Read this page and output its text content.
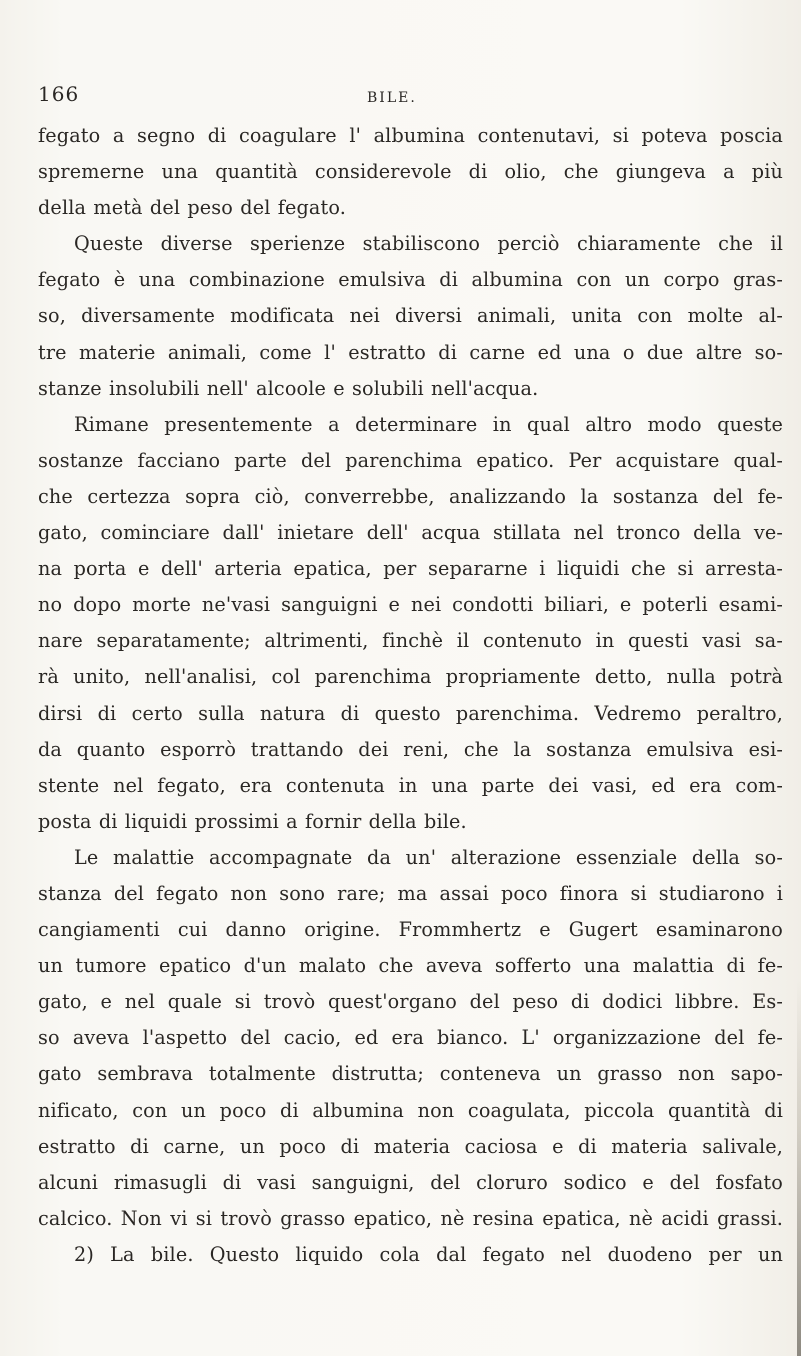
166	BILE.
fegato a segno di coagulare l' albumina contenutavi, si poteva poscia
spremerne una quantità considerevole di olio, che giungeva a più
della metà del peso del fegato.
Queste diverse sperienze stabiliscono perciò chiaramente che il
fegato è una combinazione emulsiva di albumina con un corpo gras-
so, diversamente modificata nei diversi animali, unita con molte al-
tre materie animali, come l' estratto di carne ed una o due altre so-
stanze insolubili nell' alcoole e solubili nell'acqua.
Rimane presentemente a determinare in qual altro modo queste
sostanze facciano parte del parenchima epatico. Per acquistare qual-
che certezza sopra ciò, converrebbe, analizzando la sostanza del fe-
gato, cominciare dall' inietare dell' acqua stillata nel tronco della ve-
na porta e dell' arteria epatica, per separarne i liquidi che si arresta-
no dopo morte ne'vasi sanguigni e nei condotti biliari, e poterli esami-
nare separatamente; altrimenti, finchè il contenuto in questi vasi sa-
rà unito, nell'analisi, col parenchima propriamente detto, nulla potrà
dirsi di certo sulla natura di questo parenchima. Vedremo peraltro,
da quanto esporrò trattando dei reni, che la sostanza emulsiva esi-
stente nel fegato, era contenuta in una parte dei vasi, ed era com-
posta di liquidi prossimi a fornir della bile.
Le malattie accompagnate da un' alterazione essenziale della so-
stanza del fegato non sono rare; ma assai poco finora si studiarono i
cangiamenti cui danno origine. Frommhertz e Gugert esaminarono
un tumore epatico d'un malato che aveva sofferto una malattia di fe-
gato, e nel quale si trovò quest'organo del peso di dodici libbre. Es-
so aveva l'aspetto del cacio, ed era bianco. L' organizzazione del fe-
gato sembrava totalmente distrutta; conteneva un grasso non sapo-
nificato, con un poco di albumina non coagulata, piccola quantità di
estratto di carne, un poco di materia caciosa e di materia salivale,
alcuni rimasugli di vasi sanguigni, del cloruro sodico e del fosfato
calcico. Non vi si trovò grasso epatico, nè resina epatica, nè acidi grassi.
2) La bile. Questo liquido cola dal fegato nel duodeno per un
